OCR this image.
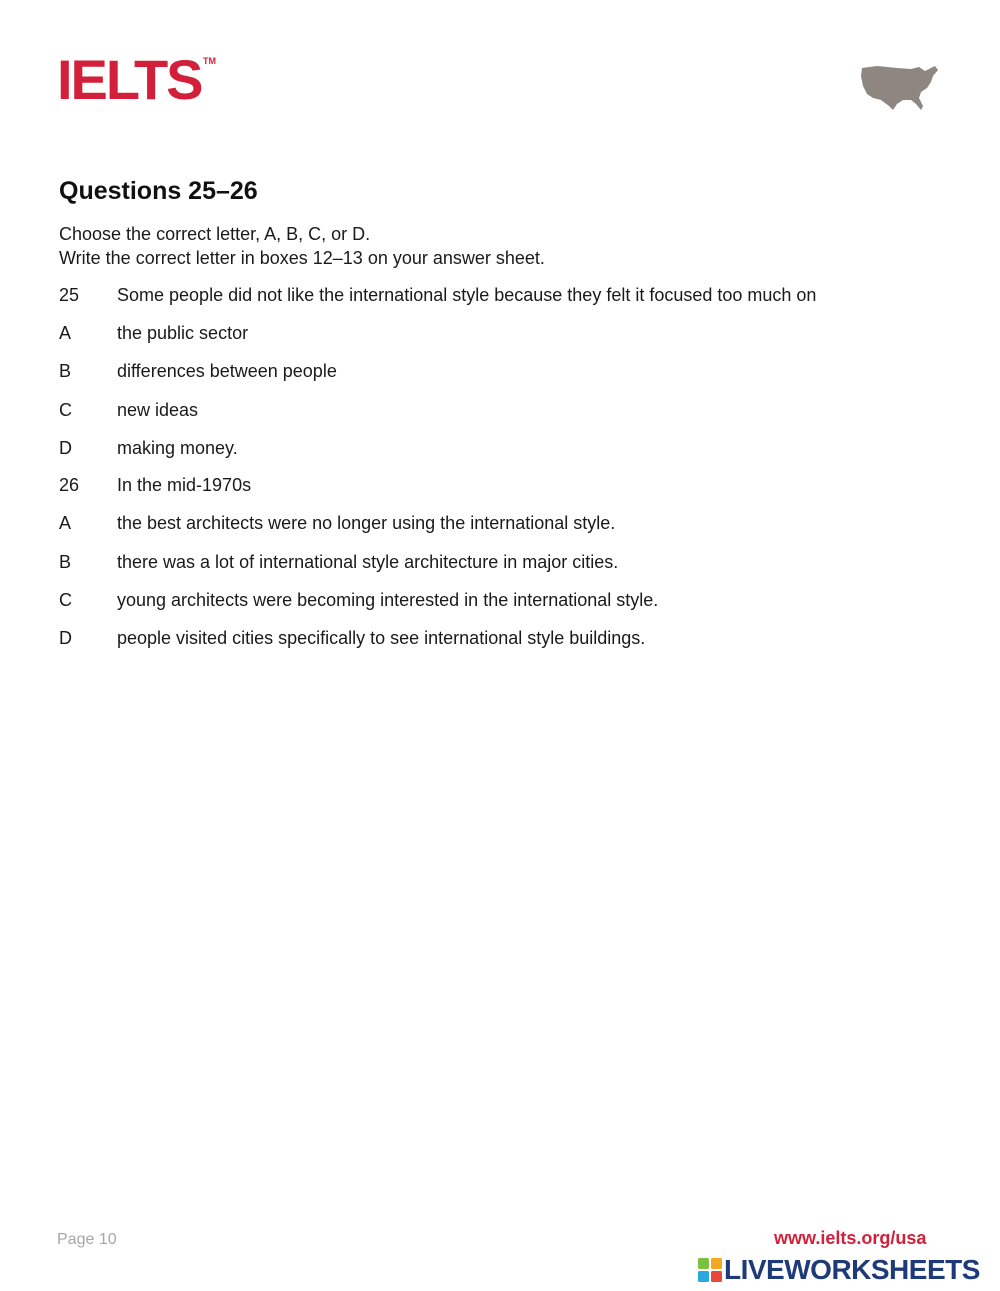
IELTS TM
Questions 25–26
Choose the correct letter, A, B, C, or D.
Write the correct letter in boxes 12–13 on your answer sheet.
25	Some people did not like the international style because they felt it focused too much on
A	the public sector
B	differences between people
C	new ideas
D	making money.
26	In the mid-1970s
A	the best architects were no longer using the international style.
B	there was a lot of international style architecture in major cities.
C	young architects were becoming interested in the international style.
D	people visited cities specifically to see international style buildings.
Page 10	www.ielts.org/usa
LIVEWORKSHEETS
